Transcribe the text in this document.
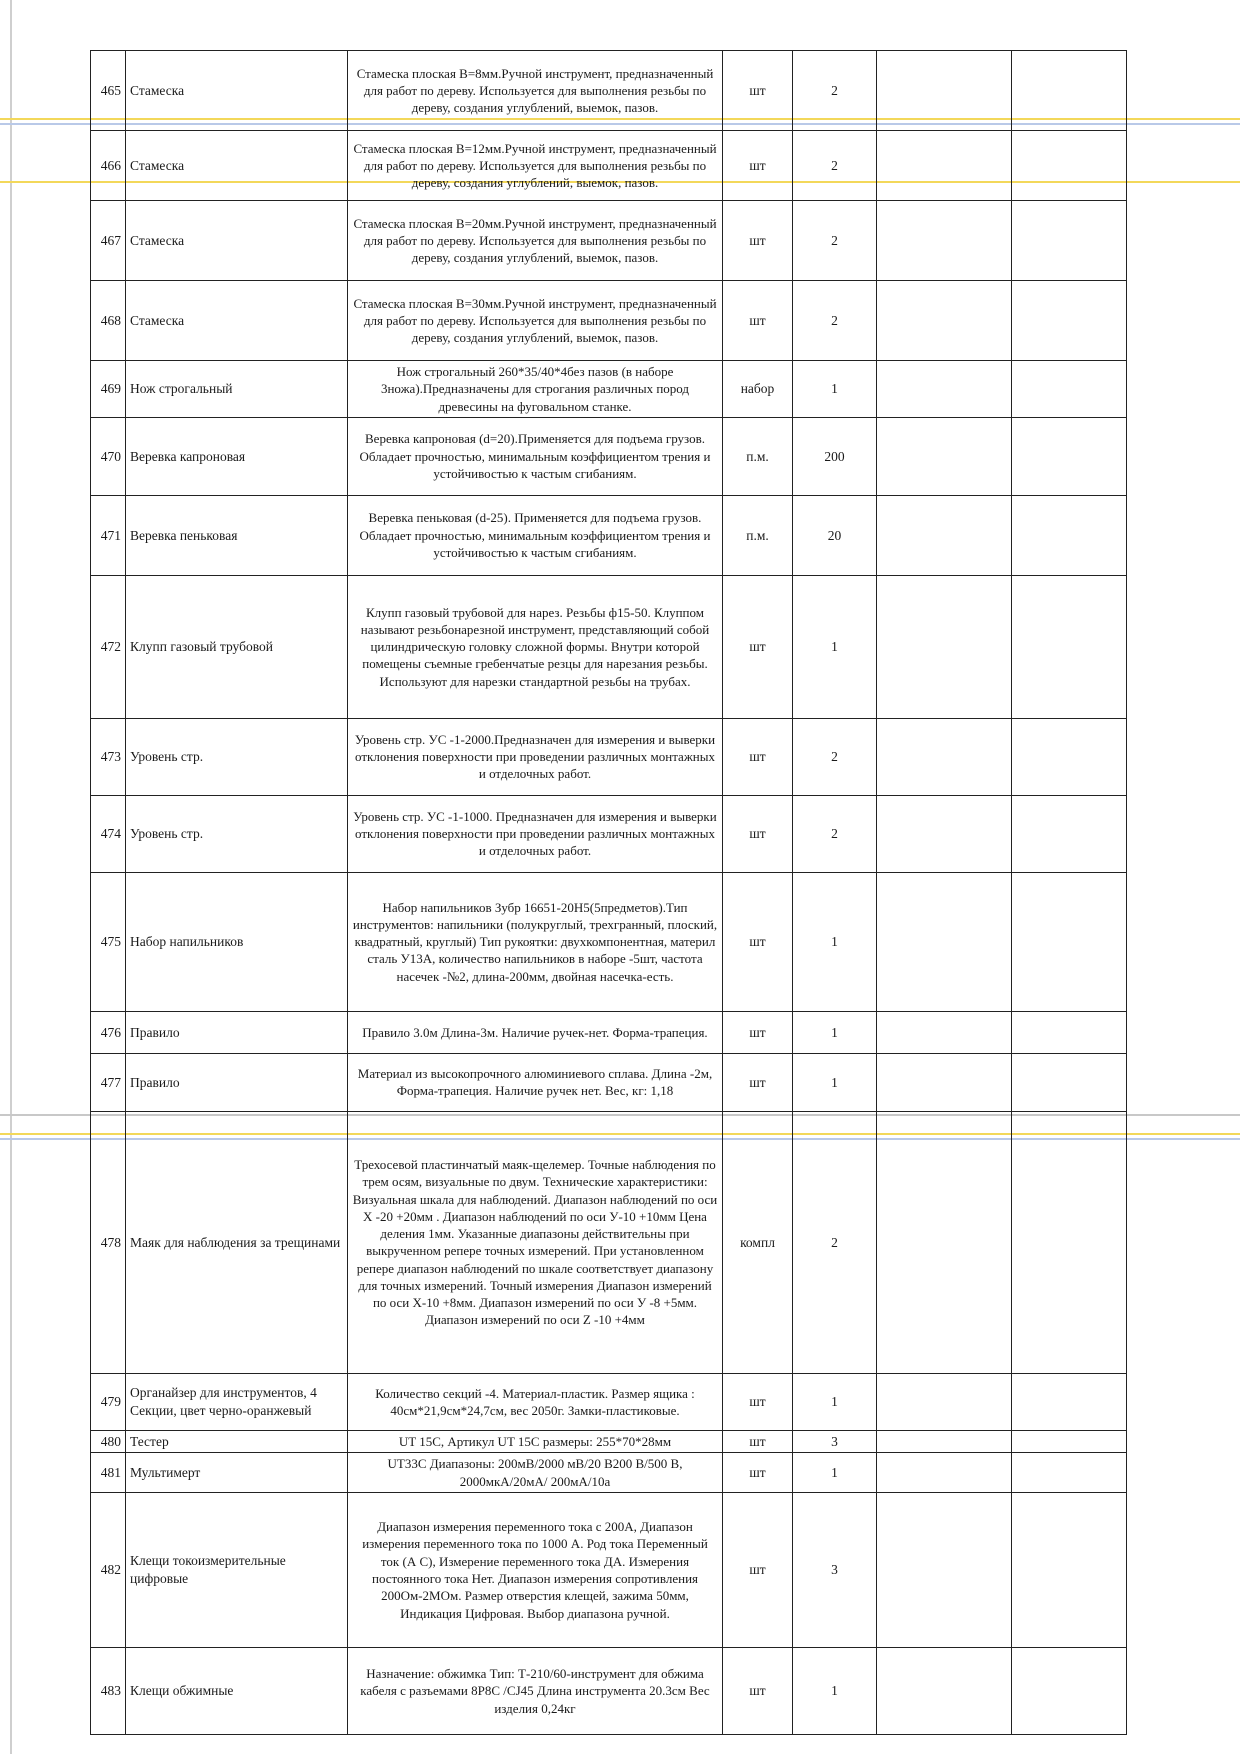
465	Стамеска	Стамеска плоская В=8мм.Ручной инструмент, предназначенный для работ по дереву. Используется для выполнения резьбы по дереву, создания углублений, выемок, пазов.	шт	2		
466	Стамеска	Стамеска плоская В=12мм.Ручной инструмент, предназначенный для работ по дереву. Используется для выполнения резьбы по дереву, создания углублений, выемок, пазов.	шт	2		
467	Стамеска	Стамеска плоская В=20мм.Ручной инструмент, предназначенный для работ по дереву. Используется для выполнения резьбы по дереву, создания углублений, выемок, пазов.	шт	2		
468	Стамеска	Стамеска плоская В=30мм.Ручной инструмент, предназначенный для работ по дереву. Используется для выполнения резьбы по дереву, создания углублений, выемок, пазов.	шт	2		
469	Нож строгальный	Нож строгальный 260*35/40*4без пазов (в наборе 3ножа).Предназначены для строгания различных пород древесины на фуговальном станке.	набор	1		
470	Веревка капроновая	Веревка капроновая (d=20).Применяется для подъема грузов. Обладает прочностью, минимальным коэффициентом трения и устойчивостью к частым сгибаниям.	п.м.	200		
471	Веревка пеньковая	Веревка пеньковая (d-25). Применяется для подъема грузов. Обладает прочностью, минимальным коэффициентом трения и устойчивостью к частым сгибаниям.	п.м.	20		
472	Клупп газовый трубовой	Клупп газовый трубовой для нарез. Резьбы ф15-50. Клуппом называют резьбонарезной инструмент, представляющий собой цилиндрическую головку сложной формы. Внутри которой помещены съемные гребенчатые резцы для нарезания резьбы. Используют для нарезки стандартной резьбы на трубах.	шт	1		
473	Уровень стр.	Уровень стр. УС -1-2000.Предназначен для измерения и выверки отклонения поверхности при проведении различных монтажных и отделочных работ.	шт	2		
474	Уровень стр.	Уровень стр. УС -1-1000. Предназначен для измерения и выверки отклонения поверхности при проведении различных монтажных и отделочных работ.	шт	2		
475	Набор напильников	Набор напильников Зубр 16651-20Н5(5предметов).Тип инструментов: напильники (полукруглый, трехгранный, плоский, квадратный, круглый) Тип рукоятки: двухкомпонентная, материл сталь У13А, количество напильников в наборе -5шт, частота насечек -№2, длина-200мм, двойная насечка-есть.	шт	1		
476	Правило	Правило 3.0м Длина-3м. Наличие ручек-нет. Форма-трапеция.	шт	1		
477	Правило	Материал из высокопрочного алюминиевого сплава. Длина -2м, Форма-трапеция. Наличие ручек нет. Вес, кг: 1,18	шт	1		
478	Маяк для наблюдения за трещинами	Трехосевой пластинчатый маяк-щелемер. Точные наблюдения по трем осям, визуальные по двум. Технические характеристики: Визуальная шкала для наблюдений. Диапазон наблюдений по оси X -20 +20мм . Диапазон наблюдений по оси У-10 +10мм Цена деления 1мм. Указанные диапазоны действительны при выкрученном репере точных измерений. При установленном репере диапазон наблюдений по шкале соответствует диапазону для точных измерений. Точный измерения Диапазон измерений по оси X-10 +8мм. Диапазон измерений по оси У -8 +5мм. Диапазон измерений по оси Z -10 +4мм	компл	2		
479	Органайзер для инструментов, 4 Секции, цвет черно-оранжевый	Количество секций -4. Материал-пластик. Размер ящика : 40см*21,9см*24,7см, вес 2050г. Замки-пластиковые.	шт	1		
480	Тестер	UT 15C, Артикул UT 15C размеры: 255*70*28мм	шт	3		
481	Мультимерт	UT33C Диапазоны: 200мВ/2000 мВ/20 В200 В/500 В, 2000мкА/20мА/ 200мА/10а	шт	1		
482	Клещи токоизмерительные цифровые	Диапазон измерения переменного тока с 200А, Диапазон измерения переменного тока по 1000 А. Род тока Переменный ток (А С), Измерение переменного тока ДА. Измерения постоянного тока Нет. Диапазон измерения сопротивления 200Ом-2МОм. Размер отверстия клещей, зажима 50мм, Индикация Цифровая. Выбор диапазона ручной.	шт	3		
483	Клещи обжимные	Назначение: обжимка Тип: Т-210/60-инструмент для обжима кабеля с разъемами 8Р8С /CJ45 Длина инструмента 20.3см Вес изделия 0,24кг	шт	1		
